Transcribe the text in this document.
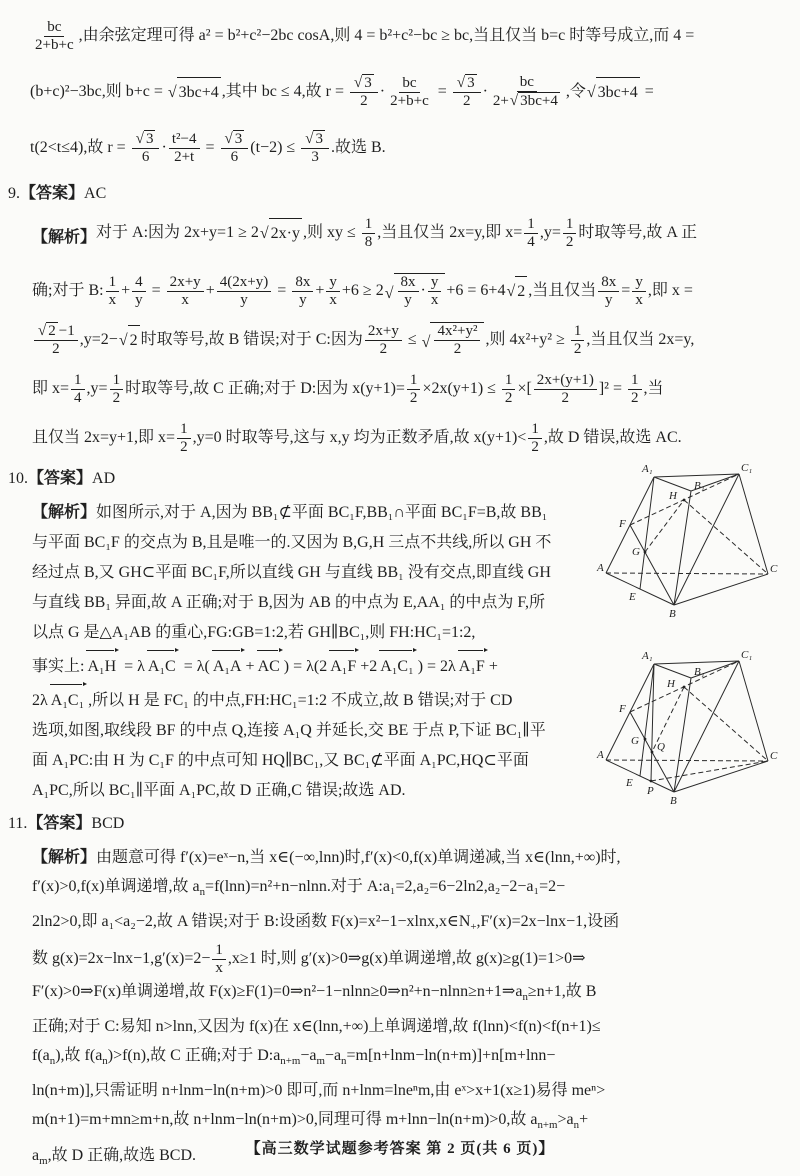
$\frac{bc}{2+b+c}$ ,由余弦定理可得 a² = b²+c²−2bc cosA,则 4 = b²+c²−bc ≥ bc,当且仅当 b=c 时等号成立,而 4 =
(b+c)²−3bc,则 b+c = √ 3bc+4 ,其中 bc ≤ 4,故 $r = \frac{√ 3}{2} \cdot \frac{bc}{2+b+c} = \frac{√ 3}{2} \cdot \frac{bc}{2+√ 3bc+4}$ ,令 √ 3bc+4 =
t(2<t≤4),故 $r = \frac{√ 3}{6} \cdot \frac{\text{t²−4}}{2+t} = \frac{√ 3}{6} (t-2) \le \frac{√ 3}{3}$ .故选 B.
9.【答案】AC
【解析】 对于 A:因为 2x+y=1 ≥ 2 √ 2x·y ,则 xy ≤ $\frac{1}{8}$ ,当且仅当 2x=y,即 $x= \frac{1}{4} ,y= \frac{1}{2}$ 时取等号,故 A 正
确;对于 B: $\frac{1}{x} + \frac{4}{y} = \frac{2x+y}{x} + \frac{4(2x+y)}{y} = \frac{8x}{y} + \frac{y}{x} +6 \ge 2$ √ $\frac{8x}{y} \cdot \frac{y}{x} +6 = 6+4$ √ 2 ,当且仅当 $\frac{8x}{y} = \frac{y}{x}$ ,即 x =
$\frac{√ 2 -1}{2} ,y=2-$ √ 2 时取等号,故 B 错误;对于 C:因为 $\frac{2x+y}{2}$ ≤ √ $\frac{\text{4x²+y²}}{2}$ ,则 $4x^2+y^2 \ge \frac{1}{2}$ ,当且仅当 2x=y,
即 $x= \frac{1}{4} ,y= \frac{1}{2}$ 时取等号,故 C 正确;对于 D:因为 $x(y+1)= \frac{1}{2} \times 2x(y+1) \le \frac{1}{2}$ ×[ $\frac{2x+(y+1)}{2} ]^2 = \frac{1}{2}$ ,当
且仅当 2x=y+1,即 $x= \frac{1}{2} ,y=0$ 时取等号,这与 x,y 均为正数矛盾,故 $x(y+1)< \frac{1}{2}$ ,故 D 错误,故选 AC.
10.【答案】AD
【解析】 如图所示,对于 A,因为 BB₁⊄平面 BC₁F,BB₁∩平面 BC₁F=B,故 BB₁
与平面 BC₁F 的交点为 B,且是唯一的.又因为 B,G,H 三点不共线,所以 GH 不
经过点 B,又 GH⊂平面 BC₁F,所以直线 GH 与直线 BB₁ 没有交点,即直线 GH
与直线 BB₁ 异面,故 A 正确;对于 B,因为 AB 的中点为 E,AA₁ 的中点为 F,所
以点 G 是△A₁AB 的重心,FG:GB=1:2,若 GH∥BC₁,则 FH:HC₁=1:2,
事实上: A₁H = λ A₁C = λ( A₁A + AC ) = λ(2 A₁F +2 A₁C₁ ) = 2λ A₁F +
2λ A₁C₁ ,所以 H 是 FC₁ 的中点,FH:HC₁=1:2 不成立,故 B 错误;对于 CD
选项,如图,取线段 BF 的中点 Q,连接 A₁Q 并延长,交 BE 于点 P,下证 BC₁∥平
面 A₁PC:由 H 为 C₁F 的中点可知 HQ∥BC₁,又 BC₁⊄平面 A₁PC,HQ⊂平面
A₁PC,所以 BC₁∥平面 A₁PC,故 D 正确,C 错误;故选 AD.
A₁
B₁
C₁
H
F
G
A	C
E
B
A₁
B₁
C₁
H
F
G Q
A	C
E
P
B
11.【答案】BCD
【解析】 由题意可得 f′(x)=eˣ−n,当 x∈(−∞,lnn)时,f′(x)<0,f(x)单调递减,当 x∈(lnn,+∞)时,
f′(x)>0,f(x)单调递增,故 $a_n=f(\ln n)=n^2+n-nlnn$.对于 A:a₁=2,a₂=6−2ln2,a₂−2−a₁=2−
2ln2>0,即 a₁<a₂−2,故 A 错误;对于 B:设函数 $F(x)=x^2-1-xlnx,x\in N_+,F'(x)=2x-\ln x-1$,设函
数 $g(x)=2x-\ln x-1,g'(x)=2- \frac{1}{x} ,x\ge 1$ 时,则 g′(x)>0⇒g(x)单调递增,故 g(x)≥g(1)=1>0⇒
F′(x)>0⇒F(x)单调递增,故 $F(x)\ge F(1)=0\Rightarrow n^2-1-nlnn\ge 0\Rightarrow n^2+n-nlnn\ge n+1\Rightarrow a_n\ge n+1$,故 B
正确;对于 C:易知 n>lnn,又因为 f(x)在 x∈(lnn,+∞)上单调递增,故 f(lnn)<f(n)<f(n+1)≤
$f(a_n)$,故 $f(a_n)>f(n)$,故 C 正确;对于 $D:a_{n+m}-a_m-a_n=m[n+\ln m-\ln(n+m)]+n[m+\ln n-$
ln(n+m)],只需证明 n+lnm−ln(n+m)>0 即可,而 n+lnm=lneⁿm,由 eˣ>x+1(x≥1)易得 meⁿ>
m(n+1)=m+mn≥m+n,故 n+lnm−ln(n+m)>0,同理可得 m+lnn−ln(n+m)>0,故 $a_{n+m}>a_n+$
$a_m$,故 D 正确,故选 BCD.	【高三数学试题参考答案 第 2 页(共 6 页)】
